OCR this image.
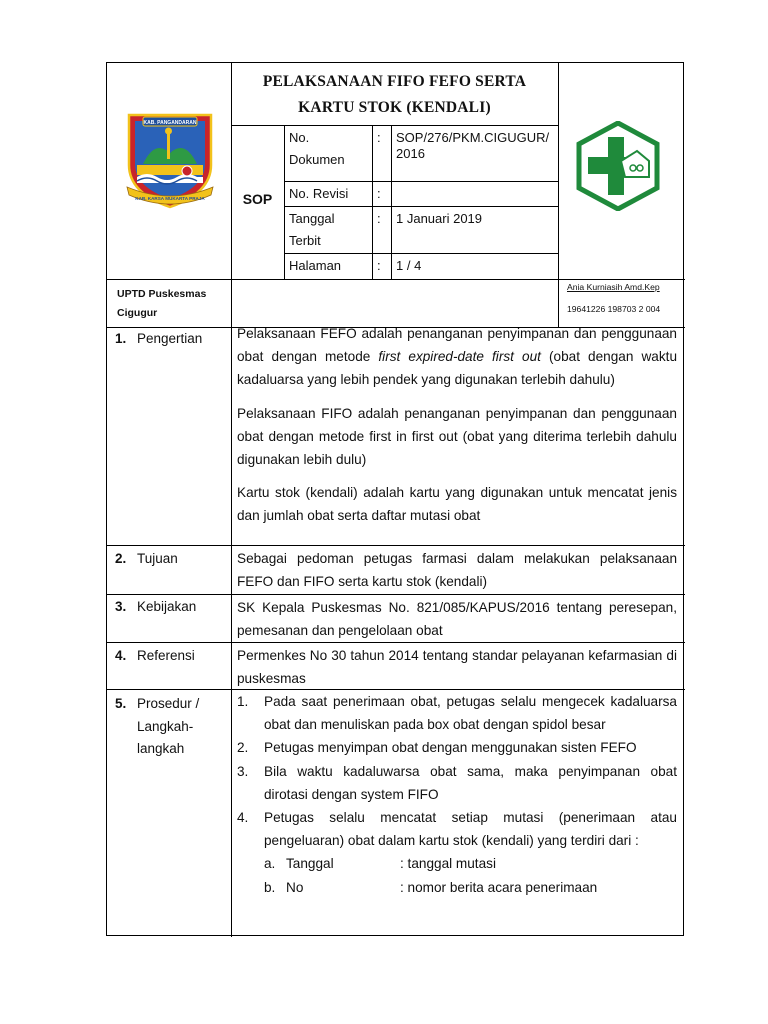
KAB. PANGANDARAN
KAB. KARSA MUKARTA PRAJA
PELAKSANAAN FIFO FEFO SERTA
KARTU STOK (KENDALI)
SOP
No. Dokumen
: SOP/276/PKM.CIGUGUR/2016
No. Revisi :
Tanggal Terbit
: 1 Januari 2019
Halaman	: 1 / 4
UPTD Puskesmas
Cigugur
Ania Kurniasih Amd.Kep
19641226 198703 2 004
1. Pengertian	Pelaksanaan FEFO adalah penanganan penyimpanan dan penggunaan obat dengan metode first expired-date first out (obat dengan waktu kadaluarsa yang lebih pendek yang digunakan terlebih dahulu)

Pelaksanaan FIFO adalah penanganan penyimpanan dan penggunaan obat dengan metode first in first out (obat yang diterima terlebih dahulu digunakan lebih dulu)

Kartu stok (kendali) adalah kartu yang digunakan untuk mencatat jenis dan jumlah obat serta daftar mutasi obat

2. Tujuan	Sebagai pedoman petugas farmasi dalam melakukan pelaksanaan FEFO dan FIFO serta kartu stok (kendali)
3. Kebijakan	SK Kepala Puskesmas No. 821/085/KAPUS/2016 tentang peresepan, pemesanan dan pengelolaan obat
4. Referensi	Permenkes No 30 tahun 2014 tentang standar pelayanan kefarmasian di puskesmas
5. Prosedur /
Langkah-
langkah
1.	Pada saat penerimaan obat, petugas selalu mengecek kadaluarsa obat dan menuliskan pada box obat dengan spidol besar
2.	Petugas menyimpan obat dengan menggunakan sisten FEFO
3.	Bila waktu kadaluwarsa obat sama, maka penyimpanan obat dirotasi dengan system FIFO
4.	Petugas selalu mencatat setiap mutasi (penerimaan atau pengeluaran) obat dalam kartu stok (kendali) yang terdiri dari :
a. Tanggal	: tanggal mutasi
b. No	: nomor berita acara penerimaan
